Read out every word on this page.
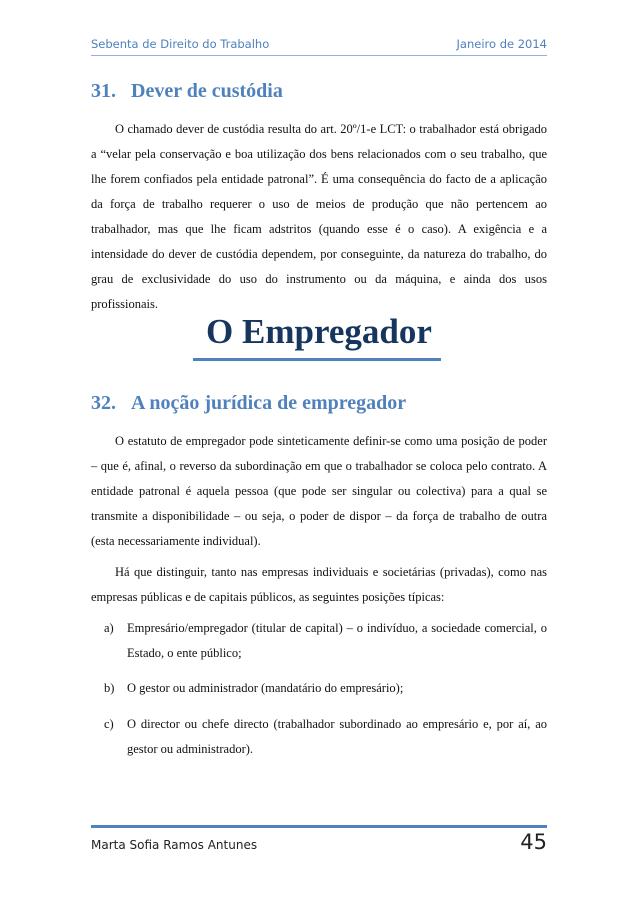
Sebenta de Direito do Trabalho	Janeiro de 2014
31. Dever de custódia

O chamado dever de custódia resulta do art. 20º/1-e LCT: o trabalhador está obrigado a “velar pela conservação e boa utilização dos bens relacionados com o seu trabalho, que lhe forem confiados pela entidade patronal”. É uma consequência do facto de a aplicação da força de trabalho requerer o uso de meios de produção que não pertencem ao trabalhador, mas que lhe ficam adstritos (quando esse é o caso). A exigência e a intensidade do dever de custódia dependem, por conseguinte, da natureza do trabalho, do grau de exclusividade do uso do instrumento ou da máquina, e ainda dos usos profissionais.

O Empregador
32. A noção jurídica de empregador

O estatuto de empregador pode sinteticamente definir-se como uma posição de poder – que é, afinal, o reverso da subordinação em que o trabalhador se coloca pelo contrato. A entidade patronal é aquela pessoa (que pode ser singular ou colectiva) para a qual se transmite a disponibilidade – ou seja, o poder de dispor – da força de trabalho de outra (esta necessariamente individual).

Há que distinguir, tanto nas empresas individuais e societárias (privadas), como nas empresas públicas e de capitais públicos, as seguintes posições típicas:

a) Empresário/empregador (titular de capital) – o indivíduo, a sociedade comercial, o Estado, o ente público;
b) O gestor ou administrador (mandatário do empresário);
c) O director ou chefe directo (trabalhador subordinado ao empresário e, por aí, ao gestor ou administrador).
Marta Sofia Ramos Antunes	45
